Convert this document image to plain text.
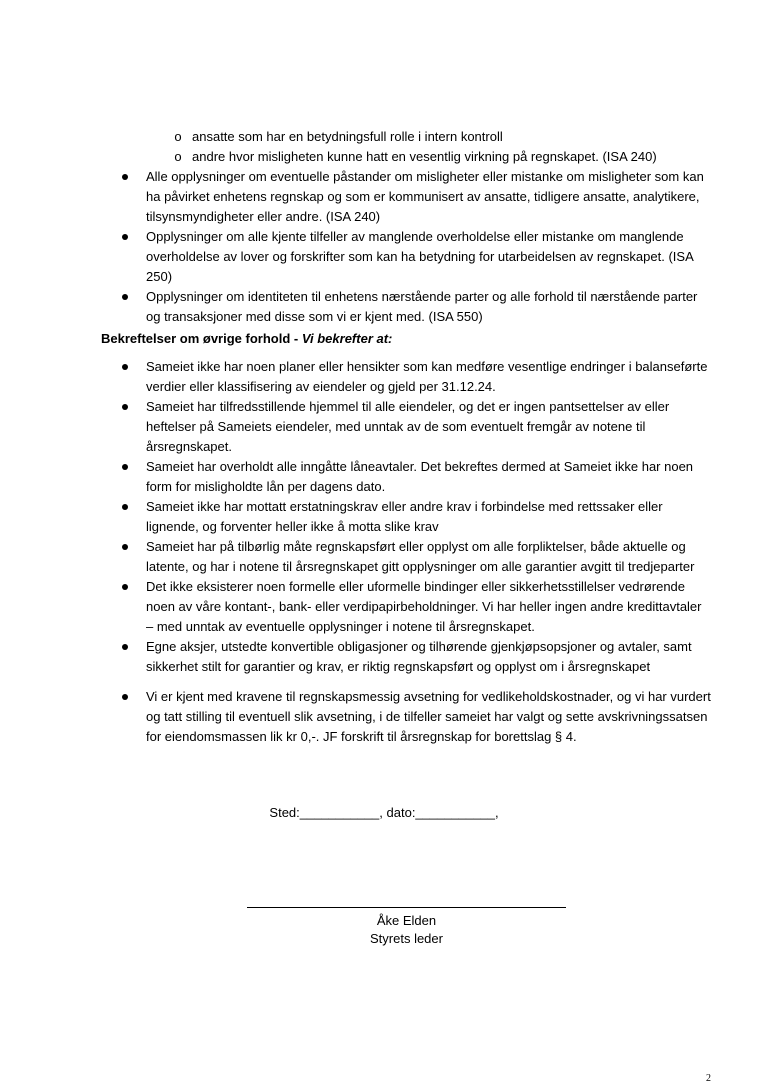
o ansatte som har en betydningsfull rolle i intern kontroll
o andre hvor misligheten kunne hatt en vesentlig virkning på regnskapet. (ISA 240)
Alle opplysninger om eventuelle påstander om misligheter eller mistanke om misligheter som kan
ha påvirket enhetens regnskap og som er kommunisert av ansatte, tidligere ansatte, analytikere,
tilsynsmyndigheter eller andre. (ISA 240)
Opplysninger om alle kjente tilfeller av manglende overholdelse eller mistanke om manglende
overholdelse av lover og forskrifter som kan ha betydning for utarbeidelsen av regnskapet. (ISA
250)
Opplysninger om identiteten til enhetens nærstående parter og alle forhold til nærstående parter
og transaksjoner med disse som vi er kjent med. (ISA 550)
Bekreftelser om øvrige forhold - Vi bekrefter at:
Sameiet ikke har noen planer eller hensikter som kan medføre vesentlige endringer i balanseførte
verdier eller klassifisering av eiendeler og gjeld per 31.12.24.
Sameiet har tilfredsstillende hjemmel til alle eiendeler, og det er ingen pantsettelser av eller
heftelser på Sameiets eiendeler, med unntak av de som eventuelt fremgår av notene til
årsregnskapet.
Sameiet har overholdt alle inngåtte låneavtaler. Det bekreftes dermed at Sameiet ikke har noen
form for misligholdte lån per dagens dato.
Sameiet ikke har mottatt erstatningskrav eller andre krav i forbindelse med rettssaker eller
lignende, og forventer heller ikke å motta slike krav
Sameiet har på tilbørlig måte regnskapsført eller opplyst om alle forpliktelser, både aktuelle og
latente, og har i notene til årsregnskapet gitt opplysninger om alle garantier avgitt til tredjeparter
Det ikke eksisterer noen formelle eller uformelle bindinger eller sikkerhetsstillelser vedrørende
noen av våre kontant-, bank- eller verdipapirbeholdninger. Vi har heller ingen andre kredittavtaler
– med unntak av eventuelle opplysninger i notene til årsregnskapet.
Egne aksjer, utstedte konvertible obligasjoner og tilhørende gjenkjøpsopsjoner og avtaler, samt
sikkerhet stilt for garantier og krav, er riktig regnskapsført og opplyst om i årsregnskapet
Vi er kjent med kravene til regnskapsmessig avsetning for vedlikeholdskostnader, og vi har vurdert
og tatt stilling til eventuell slik avsetning, i de tilfeller sameiet har valgt og sette avskrivningssatsen
for eiendomsmassen lik kr 0,-. JF forskrift til årsregnskap for borettslag § 4.
Sted:___________, dato:___________,
Åke Elden
Styrets leder
2
